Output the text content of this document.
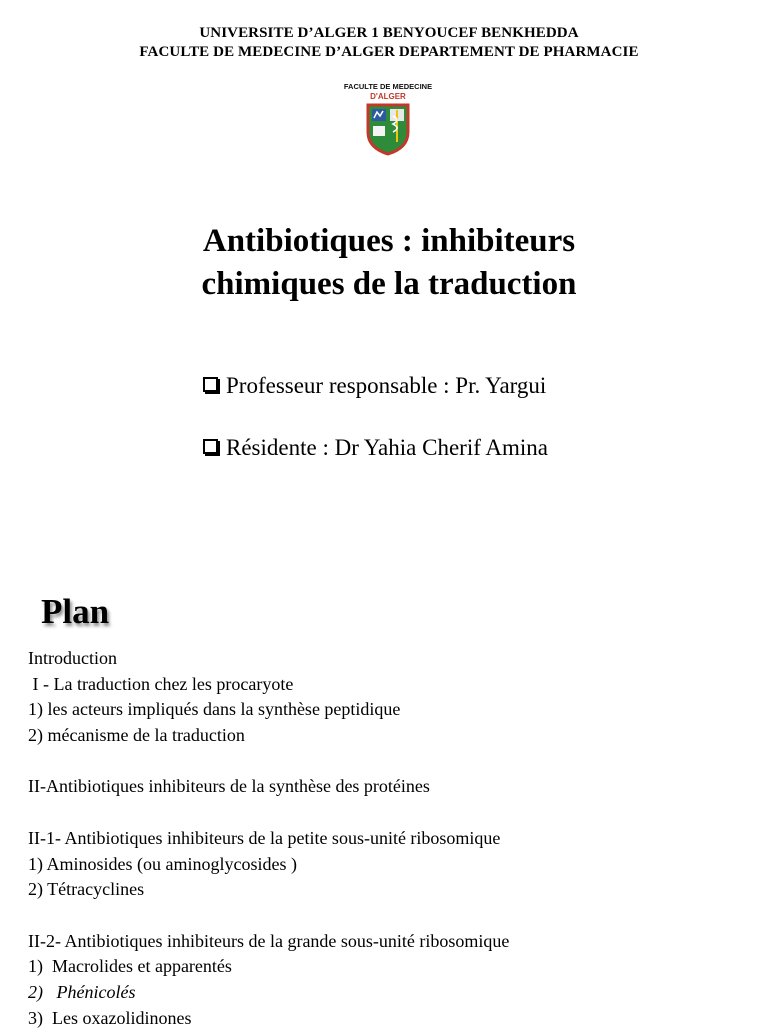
UNIVERSITE D’ALGER 1 BENYOUCEF BENKHEDDA
FACULTE DE MEDECINE D’ALGER DEPARTEMENT DE PHARMACIE
FACULTE DE MEDECINE
D'ALGER
Antibiotiques : inhibiteurs
chimiques de la traduction
Professeur responsable : Pr. Yargui
Résidente : Dr Yahia Cherif Amina
Plan
Introduction
I - La traduction chez les procaryote
1) les acteurs impliqués dans la synthèse peptidique
2) mécanisme de la traduction
II-Antibiotiques inhibiteurs de la synthèse des protéines
II-1- Antibiotiques inhibiteurs de la petite sous-unité ribosomique
1) Aminosides (ou aminoglycosides )
2) Tétracyclines
II-2- Antibiotiques inhibiteurs de la grande sous-unité ribosomique
1)  Macrolides et apparentés
2)   Phénicolés
3)  Les oxazolidinones
